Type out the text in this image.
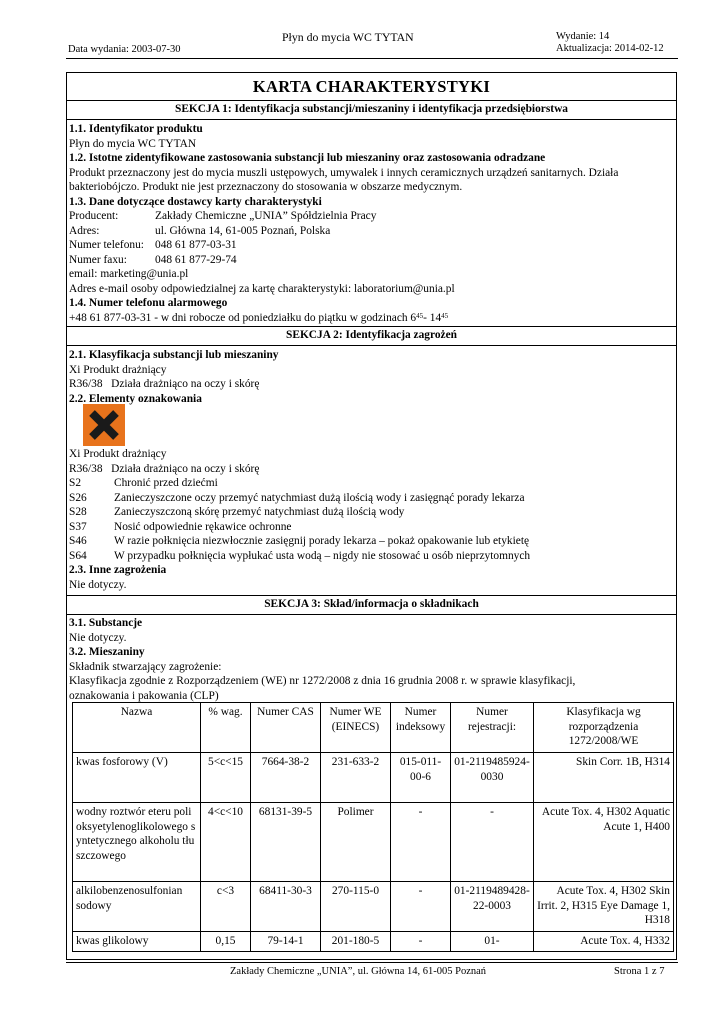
Płyn do mycia WC TYTAN
Data wydania: 2003-07-30
Wydanie: 14
Aktualizacja: 2014-02-12
KARTA CHARAKTERYSTYKI
SEKCJA 1: Identyfikacja substancji/mieszaniny i identyfikacja przedsiębiorstwa
1.1. Identyfikator produktu
Płyn do mycia WC TYTAN
1.2. Istotne zidentyfikowane zastosowania substancji lub mieszaniny oraz zastosowania odradzane
Produkt przeznaczony jest do mycia muszli ustępowych, umywalek i innych ceramicznych urządzeń sanitarnych. Działa
bakteriobójczo. Produkt nie jest przeznaczony do stosowania w obszarze medycznym.
1.3. Dane dotyczące dostawcy karty charakterystyki
Producent:	Zakłady Chemiczne „UNIA” Spółdzielnia Pracy
Adres:	ul. Główna 14, 61-005 Poznań, Polska
Numer telefonu: 048 61 877-03-31
Numer faxu: 048 61 877-29-74
email: marketing@unia.pl
Adres e-mail osoby odpowiedzialnej za kartę charakterystyki: laboratorium@unia.pl
1.4. Numer telefonu alarmowego
+48 61 877-03-31 - w dni robocze od poniedziałku do piątku w godzinach $6^{45}-$ $14^{45}$
SEKCJA 2: Identyfikacja zagrożeń
2.1. Klasyfikacja substancji lub mieszaniny
Xi Produkt drażniący
R36/38 Działa drażniąco na oczy i skórę
2.2. Elementy oznakowania
Xi Produkt drażniący
R36/38 Działa drażniąco na oczy i skórę
S2	Chronić przed dziećmi
S26 Zanieczyszczone oczy przemyć natychmiast dużą ilością wody i zasięgnąć porady lekarza
S28 Zanieczyszczoną skórę przemyć natychmiast dużą ilością wody
S37 Nosić odpowiednie rękawice ochronne
S46 W razie połknięcia niezwłocznie zasięgnij porady lekarza – pokaż opakowanie lub etykietę
S64 W przypadku połknięcia wypłukać usta wodą – nigdy nie stosować u osób nieprzytomnych
2.3. Inne zagrożenia
Nie dotyczy.
SEKCJA 3: Skład/informacja o składnikach
3.1. Substancje
Nie dotyczy.
3.2. Mieszaniny
Składnik stwarzający zagrożenie:
Klasyfikacja zgodnie z Rozporządzeniem (WE) nr 1272/2008 z dnia 16 grudnia 2008 r. w sprawie klasyfikacji,
oznakowania i pakowania (CLP)
Nazwa	% wag.	Numer CAS	Numer WE (EINECS)	Numer indeksowy	Numer rejestracji:	Klasyfikacja wg rozporządzenia 1272/2008/WE
kwas fosforowy (V)	5<c<15	7664-38-2	231-633-2	015-011-00-6	01-2119485924-0030	Skin Corr. 1B, H314
wodny roztwór eteru polioksyetylenoglikolowego syntetycznego alkoholu tłuszczowego	4<c<10	68131-39-5	Polimer	-	-	Acute Tox. 4, H302 Aquatic Acute 1, H400
alkilobenzenosulfonian sodowy	c<3	68411-30-3	270-115-0	-	01-2119489428-22-0003	Acute Tox. 4, H302 Skin Irrit. 2, H315 Eye Damage 1, H318
kwas glikolowy	0,15	79-14-1	201-180-5	-	01-	Acute Tox. 4, H332
Zakłady Chemiczne „UNIA”, ul. Główna 14, 61-005 Poznań	Strona 1 z 7
